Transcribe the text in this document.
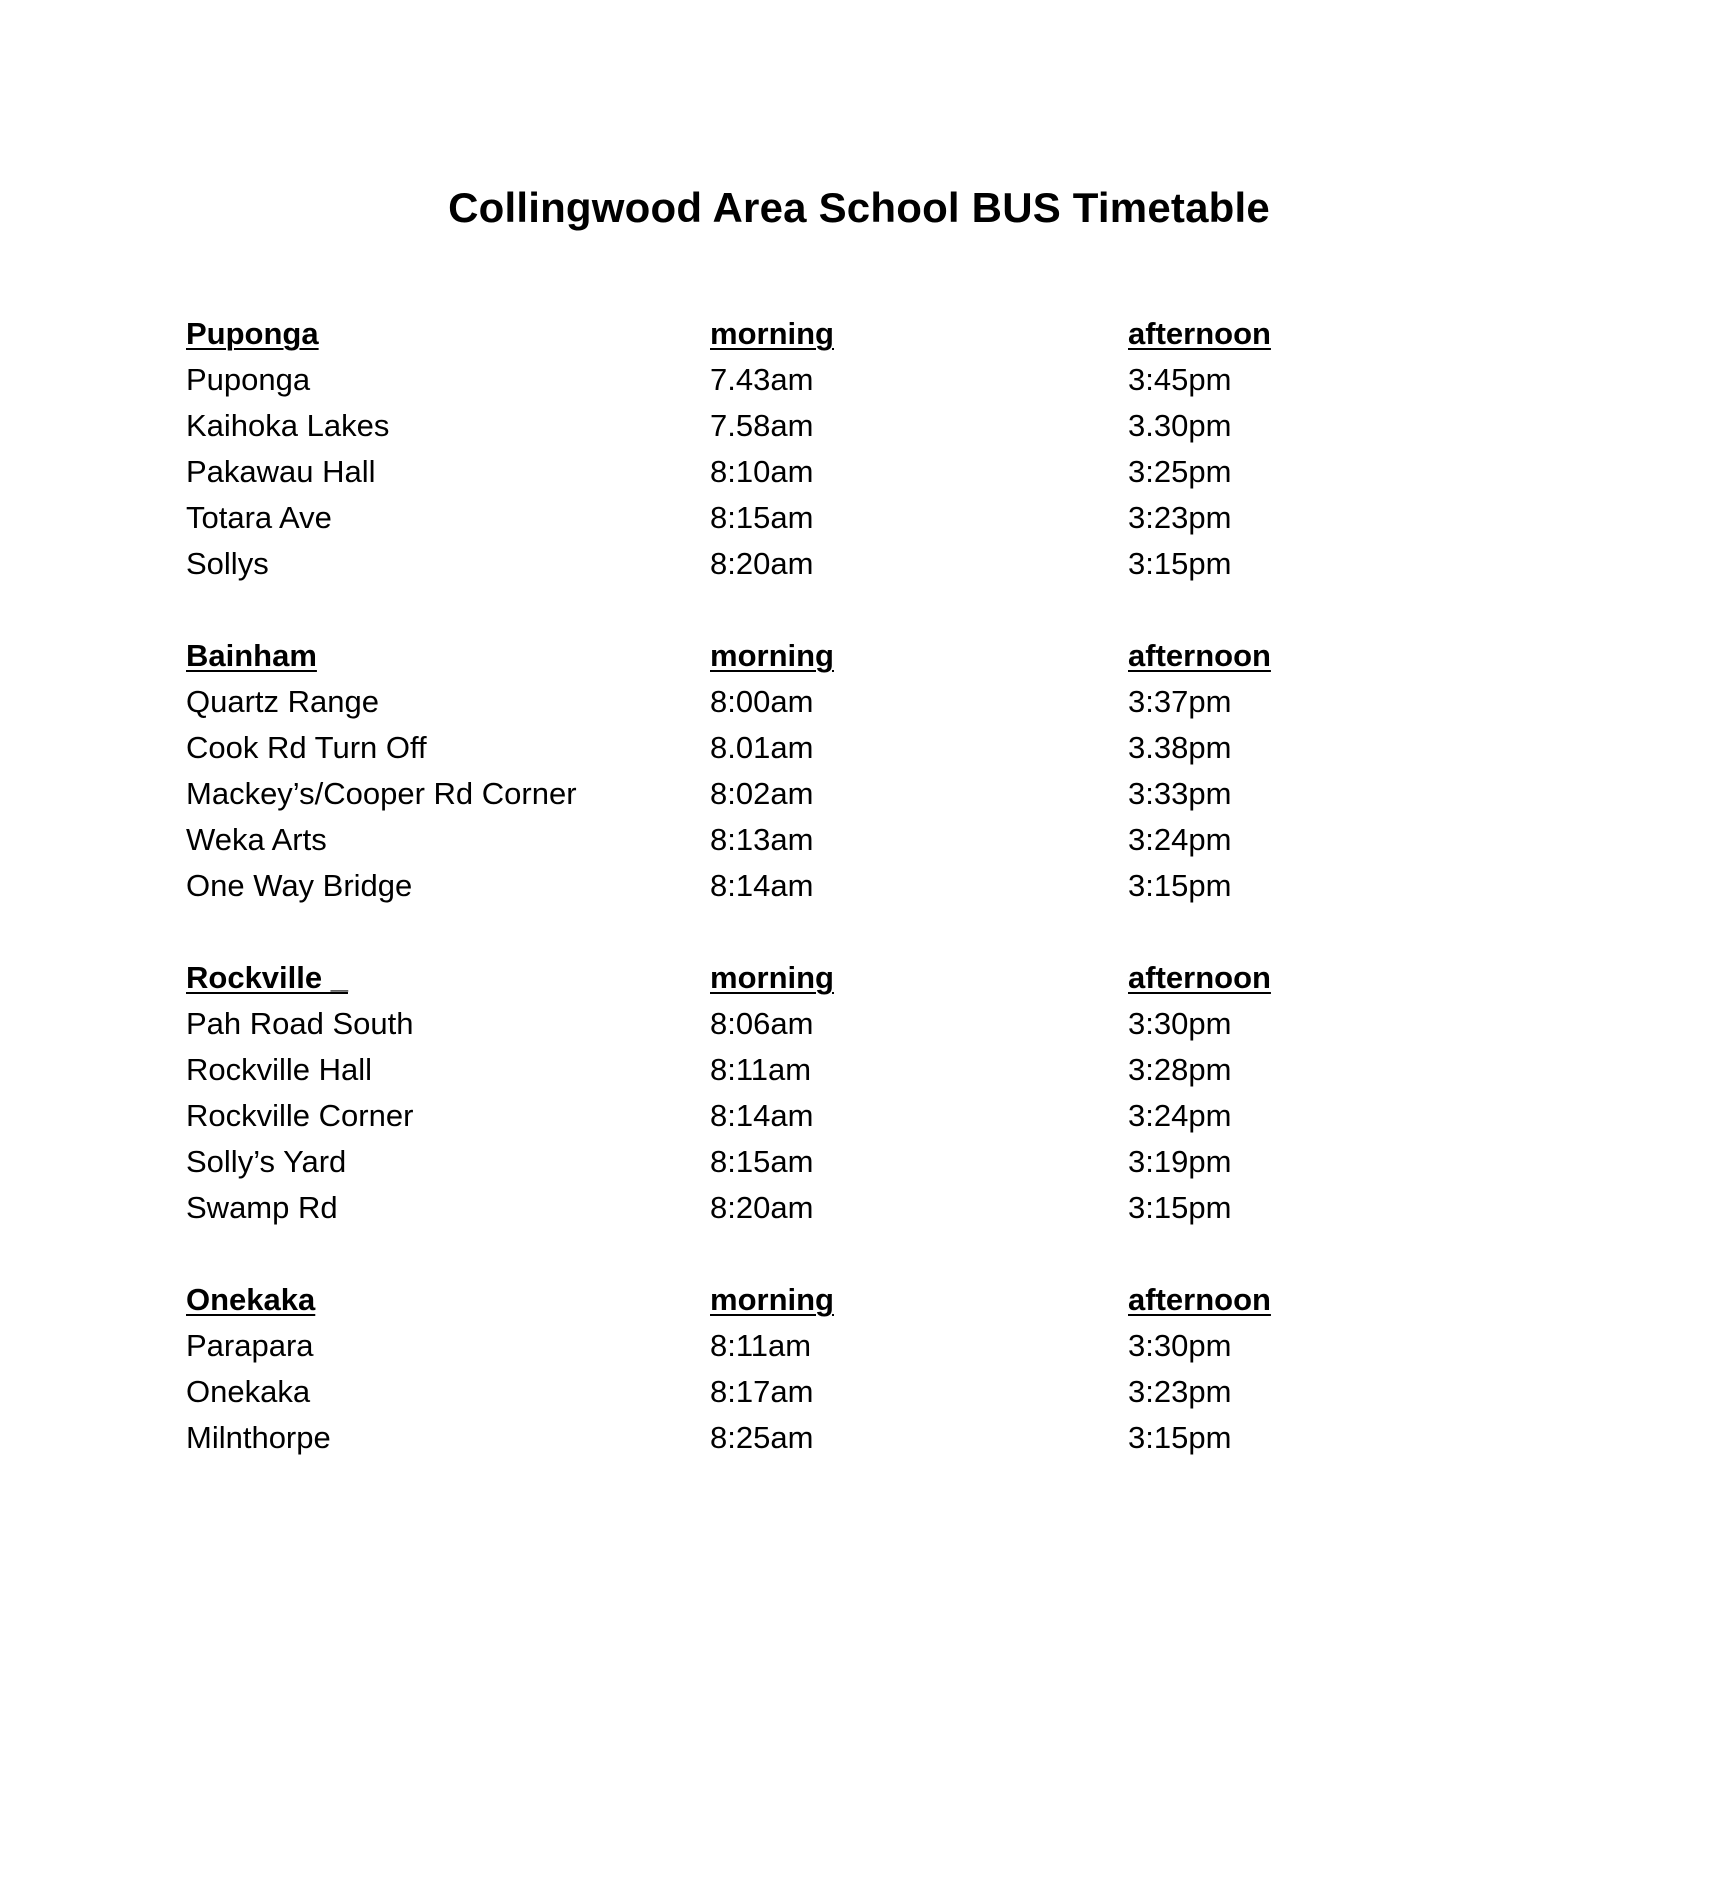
Collingwood Area School BUS Timetable
Puponga	morning	afternoon
Puponga	7.43am	3:45pm
Kaihoka Lakes	7.58am	3.30pm
Pakawau Hall	8:10am	3:25pm
Totara Ave	8:15am	3:23pm
Sollys	8:20am	3:15pm
Bainham	morning	afternoon
Quartz Range	8:00am	3:37pm
Cook Rd Turn Off	8.01am	3.38pm
Mackey’s/Cooper Rd Corner	8:02am	3:33pm
Weka Arts	8:13am	3:24pm
One Way Bridge	8:14am	3:15pm
Rockville _	morning	afternoon
Pah Road South	8:06am	3:30pm
Rockville Hall	8:11am	3:28pm
Rockville Corner	8:14am	3:24pm
Solly’s Yard	8:15am	3:19pm
Swamp Rd	8:20am	3:15pm
Onekaka	morning	afternoon
Parapara	8:11am	3:30pm
Onekaka	8:17am	3:23pm
Milnthorpe	8:25am	3:15pm
